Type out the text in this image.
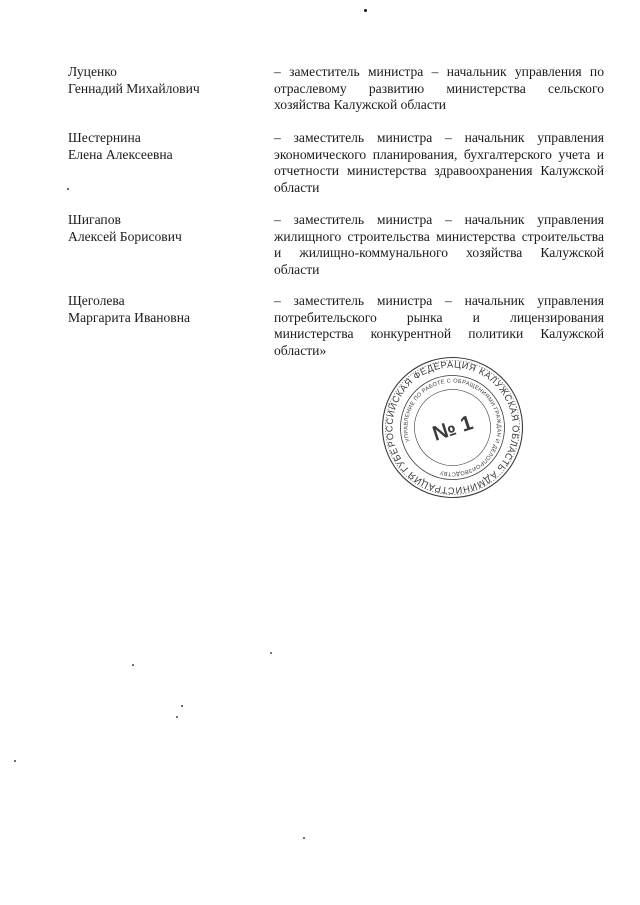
Луценко
Геннадий Михайлович
– заместитель министра – начальник управления по отраслевому развитию министерства сельского хозяйства Калужской области
Шестернина
Елена Алексеевна
– заместитель министра – начальник управления экономического планирования, бухгалтерского учета и отчетности министерства здравоохранения Калужской области
Шигапов
Алексей Борисович
– заместитель министра – начальник управления жилищного строительства министерства строительства и жилищно-коммунального хозяйства Калужской области
Щеголева
Маргарита Ивановна
– заместитель министра – начальник управления потребительского рынка и лицензирования министерства конкурентной политики Калужской области»
РОССИЙСКАЯ ФЕДЕРАЦИЯ КАЛУЖСКАЯ ОБЛАСТЬ АДМИНИСТРАЦИЯ ГУБЕРНАТОРА
УПРАВЛЕНИЕ ПО РАБОТЕ С ОБРАЩЕНИЯМИ ГРАЖДАН И ДЕЛОПРОИЗВОДСТВУ
№ 1
